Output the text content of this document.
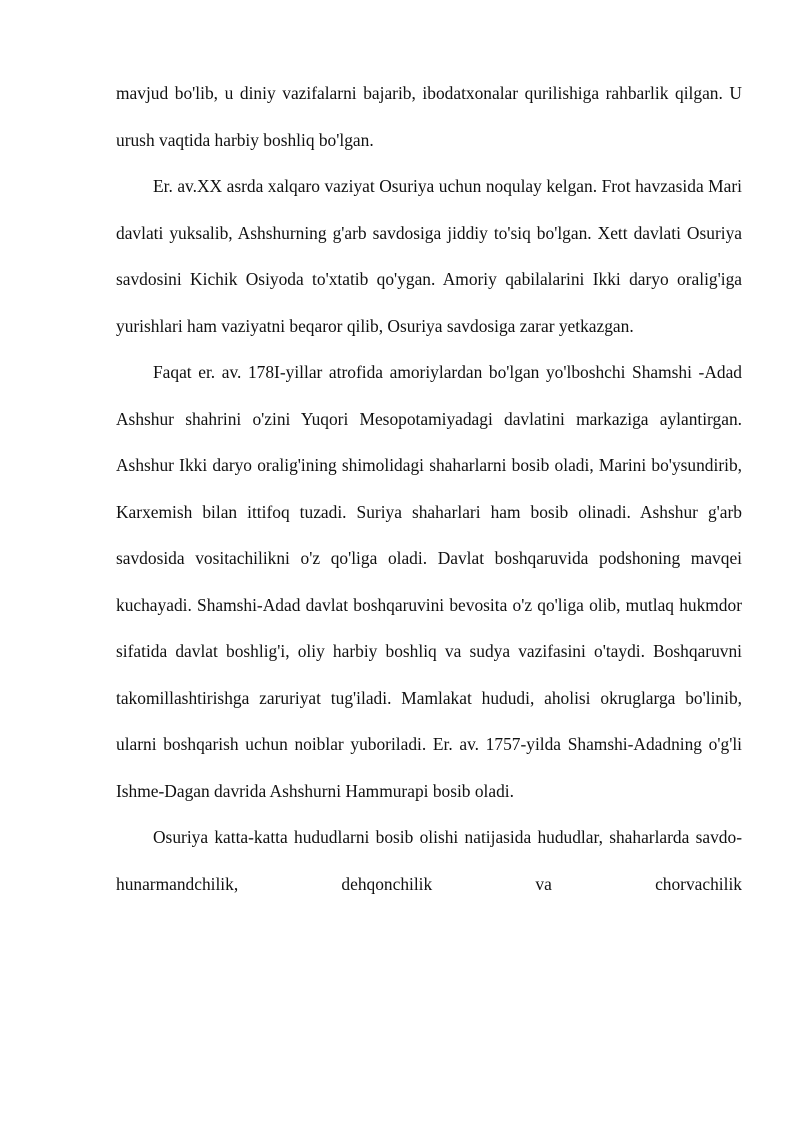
mavjud bo'lib, u diniy vazifalarni bajarib, ibodatxonalar qurilishiga rahbarlik qilgan. U urush vaqtida harbiy boshliq bo'lgan.

Er. av.XX asrda xalqaro vaziyat Osuriya uchun noqulay kelgan. Frot havzasida Mari davlati yuksalib, Ashshurning g'arb savdosiga jiddiy to'siq bo'lgan. Xett davlati Osuriya savdosini Kichik Osiyoda to'xtatib qo'ygan. Amoriy qabilalarini Ikki daryo oralig'iga yurishlari ham vaziyatni beqaror qilib, Osuriya savdosiga zarar yetkazgan.

Faqat er. av. 178I-yillar atrofida amoriylardan bo'lgan yo'lboshchi Shamshi -Adad Ashshur shahrini o'zini Yuqori Mesopotamiyadagi davlatini markaziga aylantirgan. Ashshur Ikki daryo oralig'ining shimolidagi shaharlarni bosib oladi, Marini bo'ysundirib, Karxemish bilan ittifoq tuzadi. Suriya shaharlari ham bosib olinadi. Ashshur g'arb savdosida vositachilikni o'z qo'liga oladi. Davlat boshqaruvida podshoning mavqei kuchayadi. Shamshi-Adad davlat boshqaruvini bevosita o'z qo'liga olib, mutlaq hukmdor sifatida davlat boshlig'i, oliy harbiy boshliq va sudya vazifasini o'taydi. Boshqaruvni takomillashtirishga zaruriyat tug'iladi. Mamlakat hududi, aholisi okruglarga bo'linib, ularni boshqarish uchun noiblar yuboriladi. Er. av. 1757-yilda Shamshi-Adadning o'g'li Ishme-Dagan davrida Ashshurni Hammurapi bosib oladi.

Osuriya katta-katta hududlarni bosib olishi natijasida hududlar, shaharlarda savdo-hunarmandchilik, dehqonchilik va chorvachilik
